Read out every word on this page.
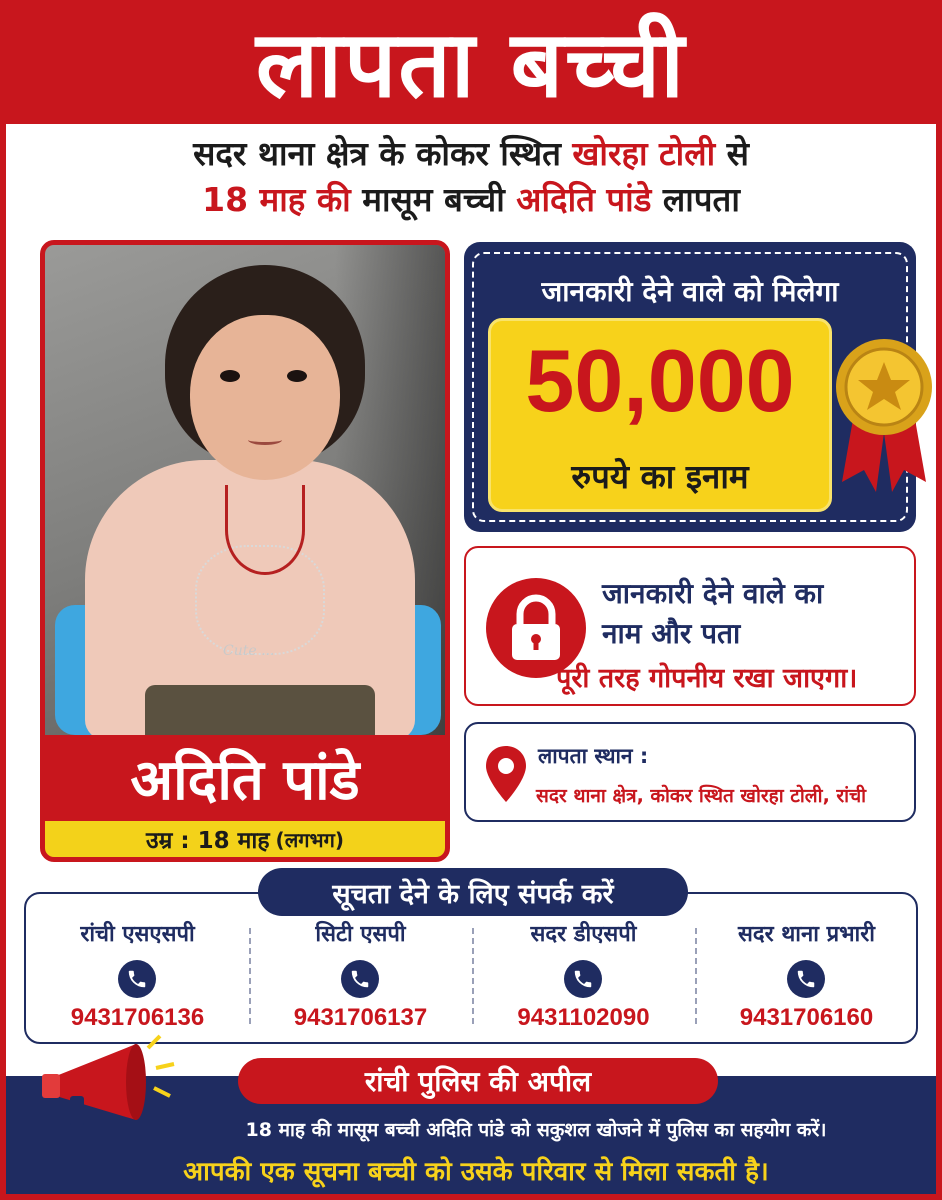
लापता बच्ची
सदर थाना क्षेत्र के कोकर स्थित खोरहा टोली से
18 माह की मासूम बच्ची अदिति पांडे लापता
Cute ...
अदिति पांडे
उम्र : 18 माह (लगभग)
जानकारी देने वाले को मिलेगा
50,000
रुपये का इनाम
जानकारी देने वाले का
नाम और पता
पूरी तरह गोपनीय रखा जाएगा।
लापता स्थान :
सदर थाना क्षेत्र, कोकर स्थित खोरहा टोली, रांची
रांची एसएसपी
9431706136
सिटी एसपी
9431706137
सदर डीएसपी
9431102090
सदर थाना प्रभारी
9431706160
सूचता देने के लिए संपर्क करें
रांची पुलिस की अपील
18 माह की मासूम बच्ची अदिति पांडे को सकुशल खोजने में पुलिस का सहयोग करें।
आपकी एक सूचना बच्ची को उसके परिवार से मिला सकती है।
